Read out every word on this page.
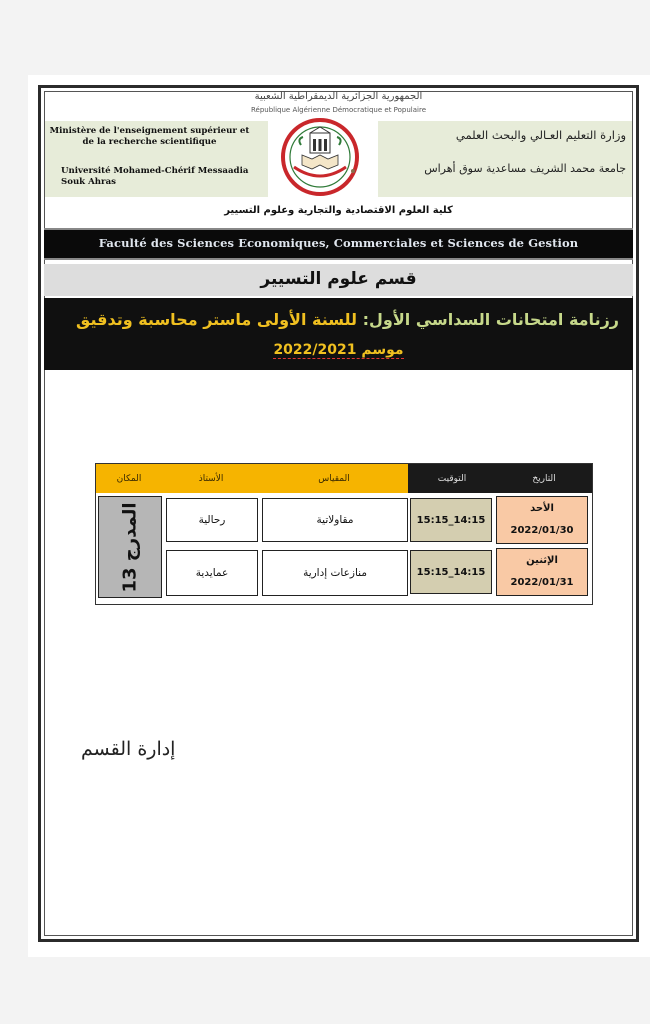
الجمهورية الجزائرية الديمقراطية الشعبية
République Algérienne Démocratique et Populaire
Ministère de l'enseignement supérieur et de la recherche scientifique
Université Mohamed-Chérif Messaadia
Souk Ahras
وزارة التعليم العـالي والبحث العلمي
جامعة محمد الشريف مساعدية سوق أهراس
كلية العلوم الاقتصادية والتجارية وعلوم التسيير
Faculté des Sciences Economiques, Commerciales et Sciences de Gestion
قسم علوم التسيير
رزنامة امتحانات السداسي الأول: للسنة الأولى ماستر محاسبة وتدقيق
موسم 2022/2021
التاريخ
التوقيت
المقياس
الأستاذ
المكان
الأحد
2022/01/30
15:15_14:15
مقاولاتية
رحالية
الإثنين
2022/01/31
15:15_14:15
منازعات إدارية
عمايدية
المدرج 13
إدارة القسم
